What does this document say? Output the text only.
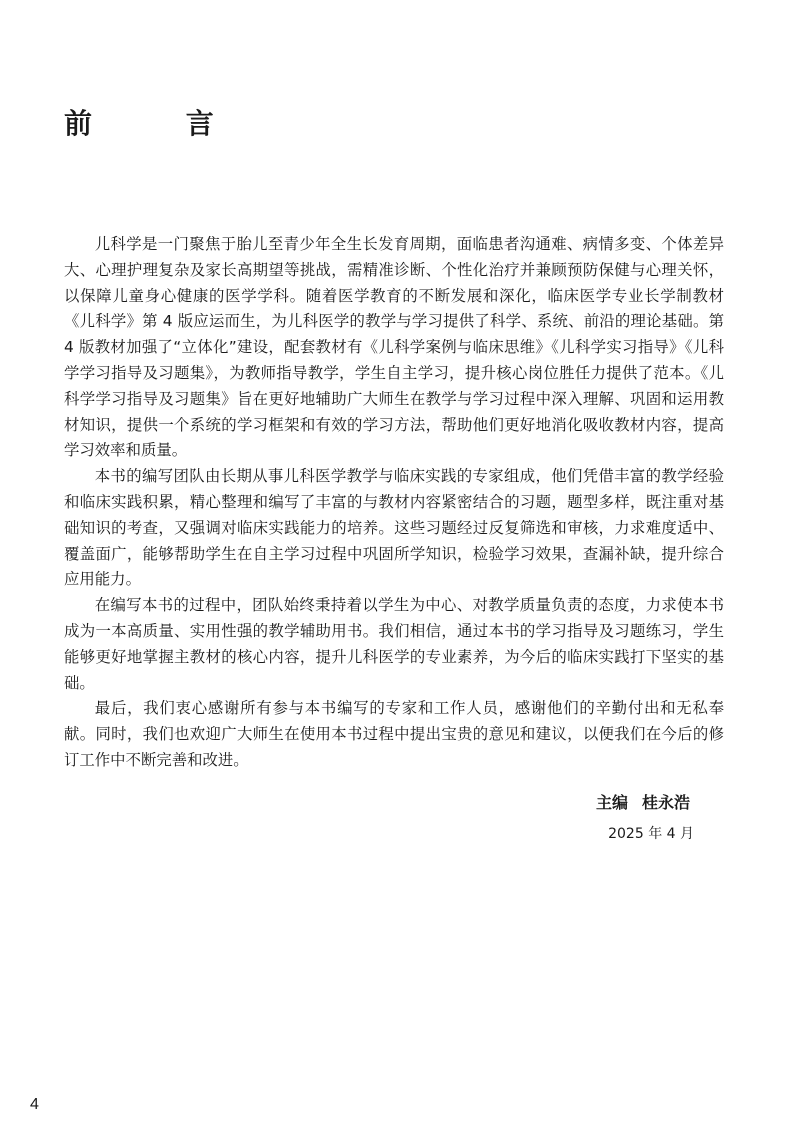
前 言

儿科学是一门聚焦于胎儿至青少年全生长发育周期，面临患者沟通难、病情多变、个体差异大、心理护理复杂及家长高期望等挑战，需精准诊断、个性化治疗并兼顾预防保健与心理关怀，以保障儿童身心健康的医学学科。随着医学教育的不断发展和深化，临床医学专业长学制教材《儿科学》第 4 版应运而生，为儿科医学的教学与学习提供了科学、系统、前沿的理论基础。第 4 版教材加强了“立体化”建设，配套教材有《儿科学案例与临床思维》《儿科学实习指导》《儿科学学习指导及习题集》，为教师指导教学，学生自主学习，提升核心岗位胜任力提供了范本。《儿科学学习指导及习题集》旨在更好地辅助广大师生在教学与学习过程中深入理解、巩固和运用教材知识，提供一个系统的学习框架和有效的学习方法，帮助他们更好地消化吸收教材内容，提高学习效率和质量。

本书的编写团队由长期从事儿科医学教学与临床实践的专家组成，他们凭借丰富的教学经验和临床实践积累，精心整理和编写了丰富的与教材内容紧密结合的习题，题型多样，既注重对基础知识的考查，又强调对临床实践能力的培养。这些习题经过反复筛选和审核，力求难度适中、覆盖面广，能够帮助学生在自主学习过程中巩固所学知识，检验学习效果，查漏补缺，提升综合应用能力。

在编写本书的过程中，团队始终秉持着以学生为中心、对教学质量负责的态度，力求使本书成为一本高质量、实用性强的教学辅助用书。我们相信，通过本书的学习指导及习题练习，学生能够更好地掌握主教材的核心内容，提升儿科医学的专业素养，为今后的临床实践打下坚实的基础。

最后，我们衷心感谢所有参与本书编写的专家和工作人员，感谢他们的辛勤付出和无私奉献。同时，我们也欢迎广大师生在使用本书过程中提出宝贵的意见和建议，以便我们在今后的修订工作中不断完善和改进。

主编 桂永浩
2025 年 4 月
4
